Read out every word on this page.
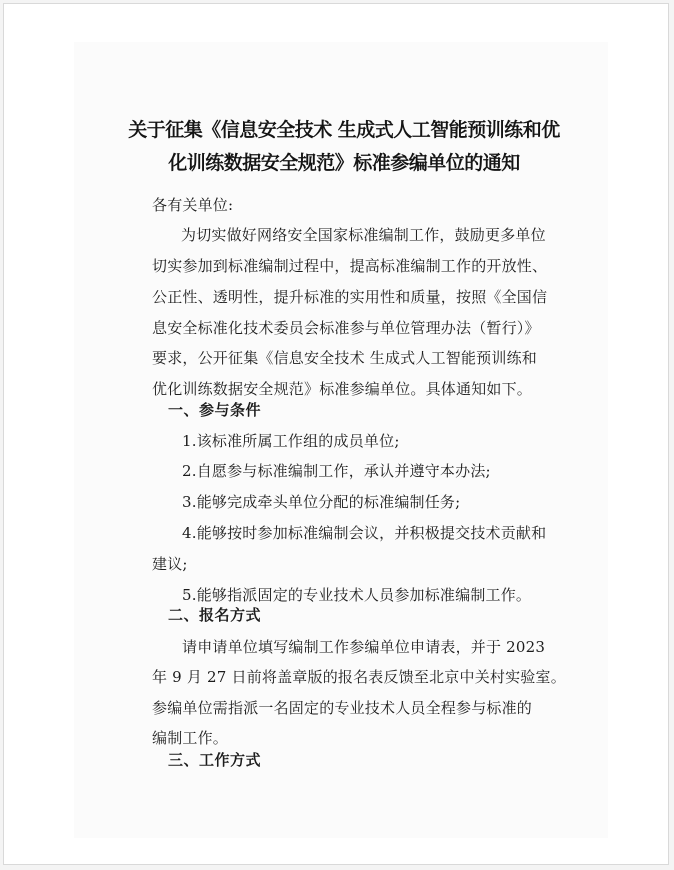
关于征集《信息安全技术 生成式人工智能预训练和优
化训练数据安全规范》标准参编单位的通知
各有关单位:
为切实做好网络安全国家标准编制工作，鼓励更多单位
切实参加到标准编制过程中，提高标准编制工作的开放性、
公正性、透明性，提升标准的实用性和质量，按照《全国信
息安全标准化技术委员会标准参与单位管理办法（暂行）》
要求，公开征集《信息安全技术 生成式人工智能预训练和
优化训练数据安全规范》标准参编单位。具体通知如下。
一、参与条件
1.该标准所属工作组的成员单位;
2.自愿参与标准编制工作，承认并遵守本办法;
3.能够完成牵头单位分配的标准编制任务;
4.能够按时参加标准编制会议，并积极提交技术贡献和
建议;
5.能够指派固定的专业技术人员参加标准编制工作。
二、报名方式
请申请单位填写编制工作参编单位申请表，并于 2023
年 9 月 27 日前将盖章版的报名表反馈至北京中关村实验室。
参编单位需指派一名固定的专业技术人员全程参与标准的
编制工作。
三、工作方式
